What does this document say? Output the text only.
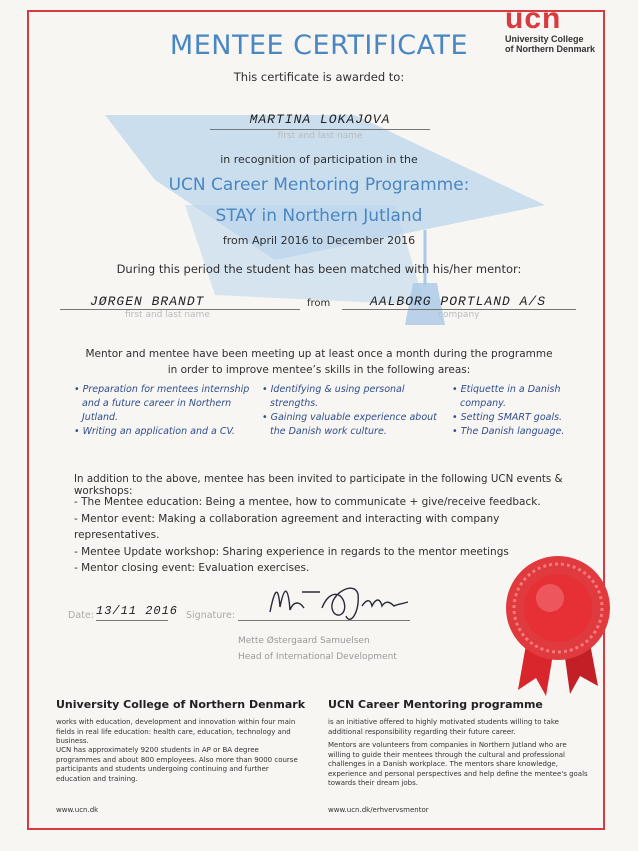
ucn
University College
of Northern Denmark
MENTEE CERTIFICATE
This certificate is awarded to:
MARTINA LOKAJOVA
first and last name
in recognition of participation in the
UCN Career Mentoring Programme:
STAY in Northern Jutland
from April 2016 to December 2016
During this period the student has been matched with his/her mentor:
JØRGEN BRANDT
first and last name
from	AALBORG PORTLAND A/S
company
Mentor and mentee have been meeting up at least once a month during the programme
in order to improve mentee’s skills in the following areas:
• Preparation for mentees internship
and a future career in Northern
Jutland.
• Writing an application and a CV.
• Identifying & using personal
strengths.
• Gaining valuable experience about
the Danish work culture.
• Etiquette in a Danish
company.
• Setting SMART goals.
• The Danish language.
In addition to the above, mentee has been invited to participate in the following UCN events & workshops:
- The Mentee education: Being a mentee, how to communicate + give/receive feedback.
- Mentor event: Making a collaboration agreement and interacting with company representatives.
- Mentee Update workshop: Sharing experience in regards to the mentor meetings
- Mentor closing event: Evaluation exercises.
Date: 13/11 2016 Signature:
Mette Østergaard Samuelsen
Head of International Development
University College of Northern Denmark
works with education, development and innovation within four main fields in real life education: health care, education, technology and business.
UCN has approximately 9200 students in AP or BA degree programmes and about 800 employees. Also more than 9000 course participants and students undergoing continuing and further education and training.
www.ucn.dk
UCN Career Mentoring programme
is an initiative offered to highly motivated students willing to take additional responsibility regarding their future career.
Mentors are volunteers from companies in Northern Jutland who are willing to guide their mentees through the cultural and professional challenges in a Danish workplace. The mentors share knowledge, experience and personal perspectives and help define the mentee's goals towards their dream jobs.
www.ucn.dk/erhvervsmentor
